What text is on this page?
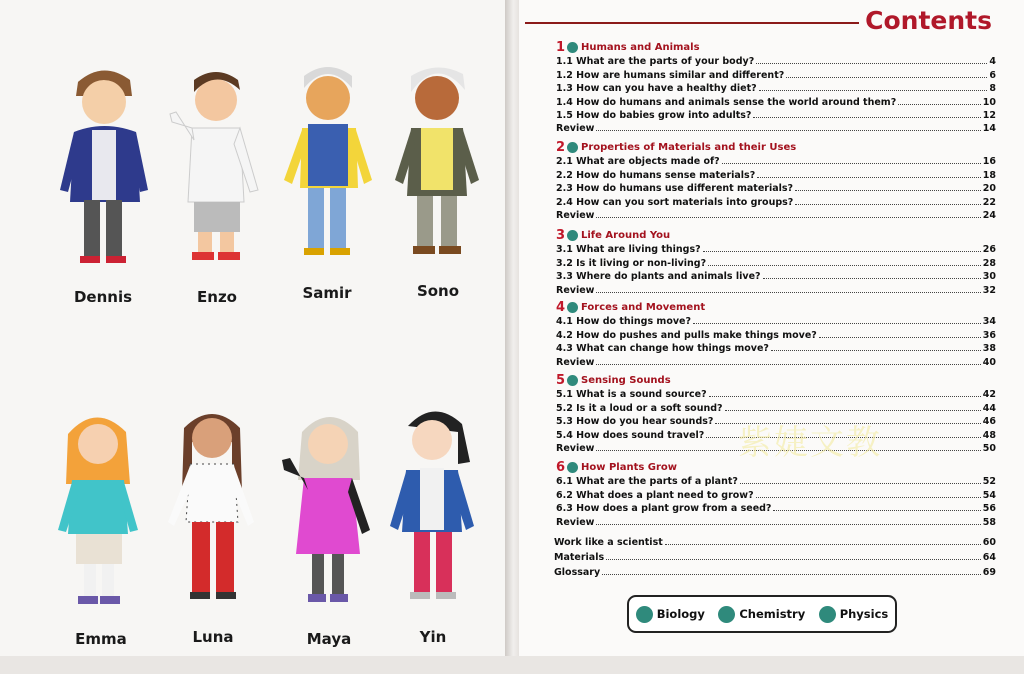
Dennis	Enzo	Samir	Sono
Emma	Luna	Maya	Yin
Contents
1 Humans and Animals
1.1 What are the parts of your body?	4
1.2 How are humans similar and different?	6
1.3 How can you have a healthy diet?	8
1.4 How do humans and animals sense the world around them?	10
1.5 How do babies grow into adults?	12
Review	14
2 Properties of Materials and their Uses
2.1 What are objects made of?	16
2.2 How do humans sense materials?	18
2.3 How do humans use different materials?	20
2.4 How can you sort materials into groups?	22
Review	24
3 Life Around You
3.1 What are living things?	26
3.2 Is it living or non-living?	28
3.3 Where do plants and animals live?	30
Review	32
4 Forces and Movement
4.1 How do things move?	34
4.2 How do pushes and pulls make things move?	36
4.3 What can change how things move?	38
Review	40
5 Sensing Sounds
5.1 What is a sound source?	42
5.2 Is it a loud or a soft sound?	44
5.3 How do you hear sounds?	46
5.4 How does sound travel?	48
Review	50
6 How Plants Grow
6.1 What are the parts of a plant?	52
6.2 What does a plant need to grow?	54
6.3 How does a plant grow from a seed?	56
Review	58
Work like a scientist	60
Materials	64
Glossary	69
Biology	Chemistry	Physics
紫婕文教
